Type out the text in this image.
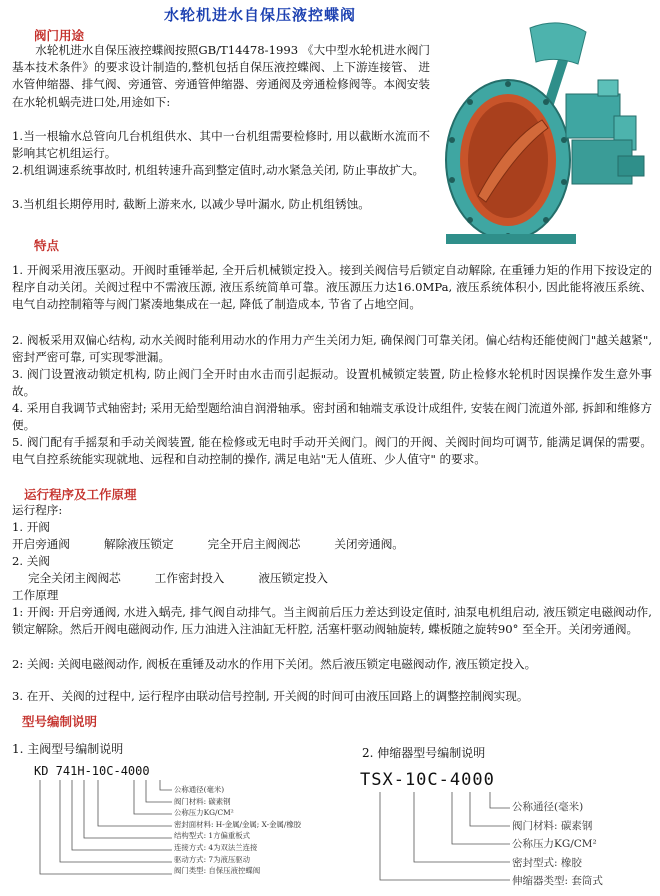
水轮机进水自保压液控蝶阀
阀门用途

水轮机进水自保压液控蝶阀按照GB/T14478-1993 《大中型水轮机进水阀门基本技术条件》的要求设计制造的,整机包括自保压液控蝶阀、上下游连接管、 进水管伸缩器、排气阀、旁通管、旁通管伸缩器、旁通阀及旁通检修阀等。本阀安装在水轮机蜗壳进口处,用途如下:

1.当一根输水总管向几台机组供水、其中一台机组需要检修时, 用以截断水流而不影响其它机组运行。

2.机组调速系统事故时, 机组转速升高到整定值时,动水紧急关闭, 防止事故扩大。

3.当机组长期停用时, 截断上游来水, 以减少导叶漏水, 防止机组锈蚀。

特点

1. 开阀采用液压驱动。开阀时重锤举起, 全开后机械锁定投入。接到关阀信号后锁定自动解除, 在重锤力矩的作用下按设定的程序自动关闭。关阀过程中不需液压源, 液压系统简单可靠。液压源压力达16.0MPa, 液压系统体积小, 因此能将液压系统、电气自动控制箱等与阀门紧凑地集成在一起, 降低了制造成本, 节省了占地空间。

2. 阀板采用双偏心结构, 动水关阀时能利用动水的作用力产生关闭力矩, 确保阀门可靠关闭。偏心结构还能使阀门"越关越紧", 密封严密可靠, 可实现零泄漏。

3. 阀门设置液动锁定机构, 防止阀门全开时由水击而引起振动。设置机械锁定装置, 防止检修水轮机时因误操作发生意外事故。

4. 采用自我调节式轴密封; 采用无給型题给油自润滑轴承。密封函和轴端支承设计成组件, 安装在阀门流道外部, 拆卸和维修方便。

5. 阀门配有手摇泵和手动关阀装置, 能在检修或无电时手动开关阀门。阀门的开阀、关阀时间均可调节, 能满足调保的需要。电气自控系统能实现就地、远程和自动控制的操作, 满足电站"无人值班、少人值守" 的要求。

运行程序及工作原理
运行程序:
1. 开阀
开启旁通阀	解除液压锁定	完全开启主阀阀芯	关闭旁通阀。
2. 关阀
完全关闭主阀阀芯	工作密封投入	液压锁定投入
工作原理

1: 开阀: 开启旁通阀, 水进入蜗壳, 排气阀自动排气。当主阀前后压力差达到设定值时, 油泵电机组启动, 液压锁定电磁阀动作, 锁定解除。然后开阀电磁阀动作, 压力油进入注油缸无杆腔, 活塞杆驱动阀轴旋转, 蝶板随之旋转90° 至全开。关闭旁通阀。

2: 关阀: 关阀电磁阀动作, 阀板在重锤及动水的作用下关闭。然后液压锁定电磁阀动作, 液压锁定投入。

3. 在开、关阀的过程中, 运行程序由联动信号控制, 开关阀的时间可由液压回路上的调整控制阀实现。

型号编制说明
1. 主阀型号编制说明
KD 741H-10C-4000
公称通径(毫米)
阀门材料: 碳素钢
公称压力KG/CM²
密封面材料: H-金属/金属; X-金属/橡胶
结构型式: 1方偏重板式
连接方式: 4为双法兰连接
驱动方式: 7为液压驱动
阀门类型: 自保压液控蝶阀
2. 伸缩器型号编制说明
TSX-10C-4000
公称通径(毫米)
阀门材料: 碳素钢
公称压力KG/CM²
密封型式: 橡胶
伸缩器类型: 套筒式
